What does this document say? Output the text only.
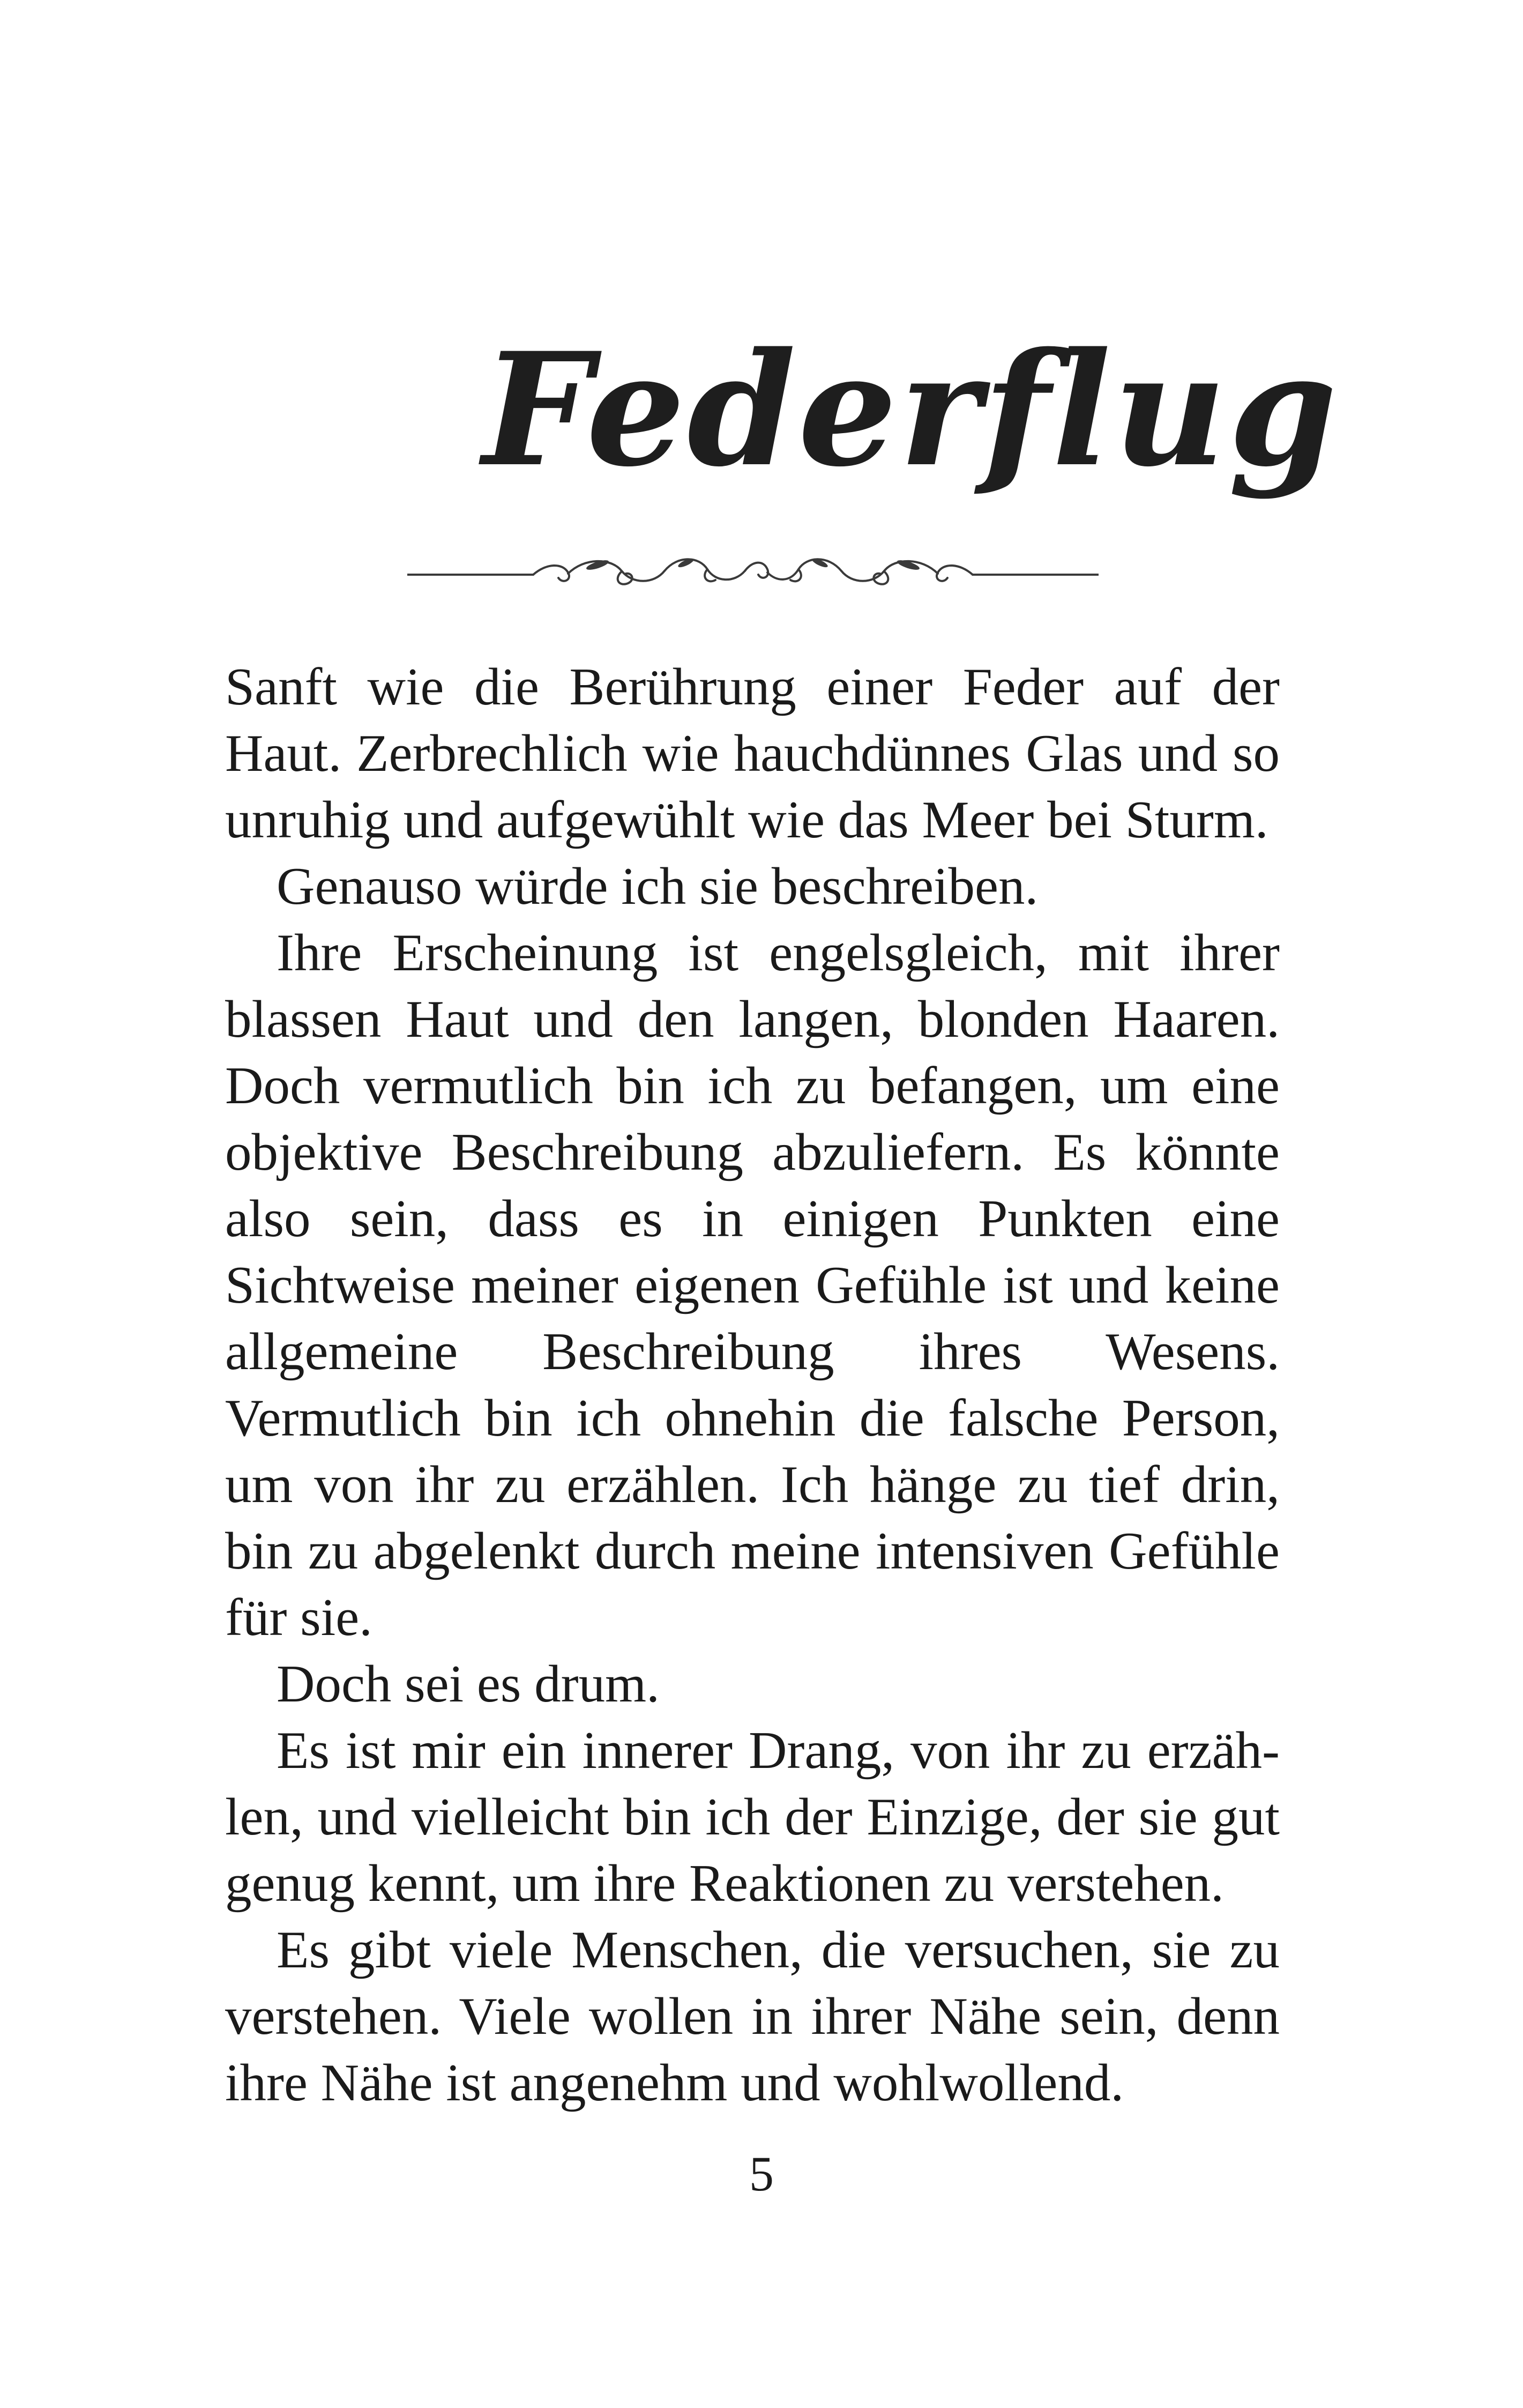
Federflug

Sanft wie die Berührung einer Feder auf der Haut. Zerbrechlich wie hauchdünnes Glas und so unruhig und aufgewühlt wie das Meer bei Sturm.

Genauso würde ich sie beschreiben.

Ihre Erscheinung ist engelsgleich, mit ihrer blassen Haut und den langen, blonden Haaren. Doch vermutlich bin ich zu befangen, um eine objektive Beschreibung abzuliefern. Es könnte also sein, dass es in einigen Punkten eine Sichtweise meiner eigenen Gefühle ist und keine allgemeine Beschreibung ihres Wesens. Vermutlich bin ich ohnehin die falsche Person, um von ihr zu erzählen. Ich hänge zu tief drin, bin zu abgelenkt durch meine intensiven Gefühle für sie.

Doch sei es drum.

Es ist mir ein innerer Drang, von ihr zu erzählen, und vielleicht bin ich der Einzige, der sie gut genug kennt, um ihre Reaktionen zu verstehen.

Es gibt viele Menschen, die versuchen, sie zu verstehen. Viele wollen in ihrer Nähe sein, denn ihre Nähe ist angenehm und wohlwollend.

5
